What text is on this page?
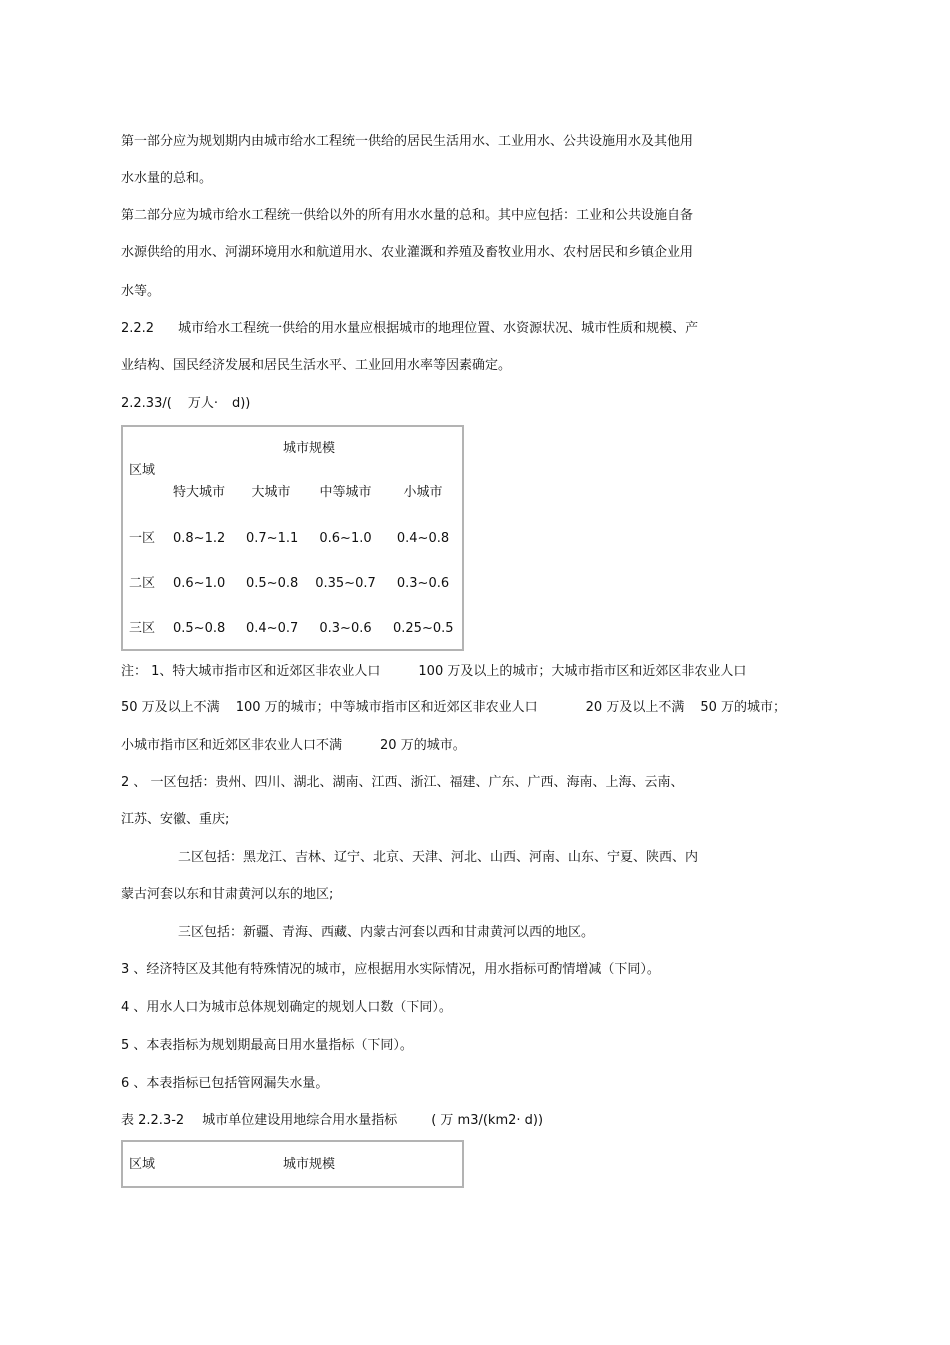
第一部分应为规划期内由城市给水工程统一供给的居民生活用水、工业用水、公共设施用水及其他用
水水量的总和。
第二部分应为城市给水工程统一供给以外的所有用水水量的总和。其中应包括：工业和公共设施自备
水源供给的用水、河湖环境用水和航道用水、农业灌溉和养殖及畜牧业用水、农村居民和乡镇企业用
水等。
2.2.2 城市给水工程统一供给的用水量应根据城市的地理位置、水资源状况、城市性质和规模、产
业结构、国民经济发展和居民生活水平、工业回用水率等因素确定。
2.2.33/( 万人· d))
城市规模
区域
特大城市	大城市	中等城市	小城市
一区 0.8~1.2 0.7~1.1	0.6~1.0	0.4~0.8
二区 0.6~1.0 0.5~0.8 0.35~0.7 0.3~0.6
三区 0.5~0.8 0.4~0.7	0.3~0.6	0.25~0.5
注： 1、特大城市指市区和近郊区非农业人口	100 万及以上的城市；大城市指市区和近郊区非农业人口
50 万及以上不满 100 万的城市；中等城市指市区和近郊区非农业人口	20 万及以上不满 50 万的城市；
小城市指市区和近郊区非农业人口不满	20 万的城市。
2 、 一区包括：贵州、四川、湖北、湖南、江西、浙江、福建、广东、广西、海南、上海、云南、
江苏、安徽、重庆;
二区包括：黑龙江、吉林、辽宁、北京、天津、河北、山西、河南、山东、宁夏、陕西、内
蒙古河套以东和甘肃黄河以东的地区;
三区包括：新疆、青海、西藏、内蒙古河套以西和甘肃黄河以西的地区。
3 、经济特区及其他有特殊情况的城市，应根据用水实际情况，用水指标可酌情增减（下同）。
4 、用水人口为城市总体规划确定的规划人口数（下同）。
5 、本表指标为规划期最高日用水量指标（下同）。
6 、本表指标已包括管网漏失水量。
表 2.2.3-2 城市单位建设用地综合用水量指标	( 万 m3/(km2· d))
区域	城市规模
